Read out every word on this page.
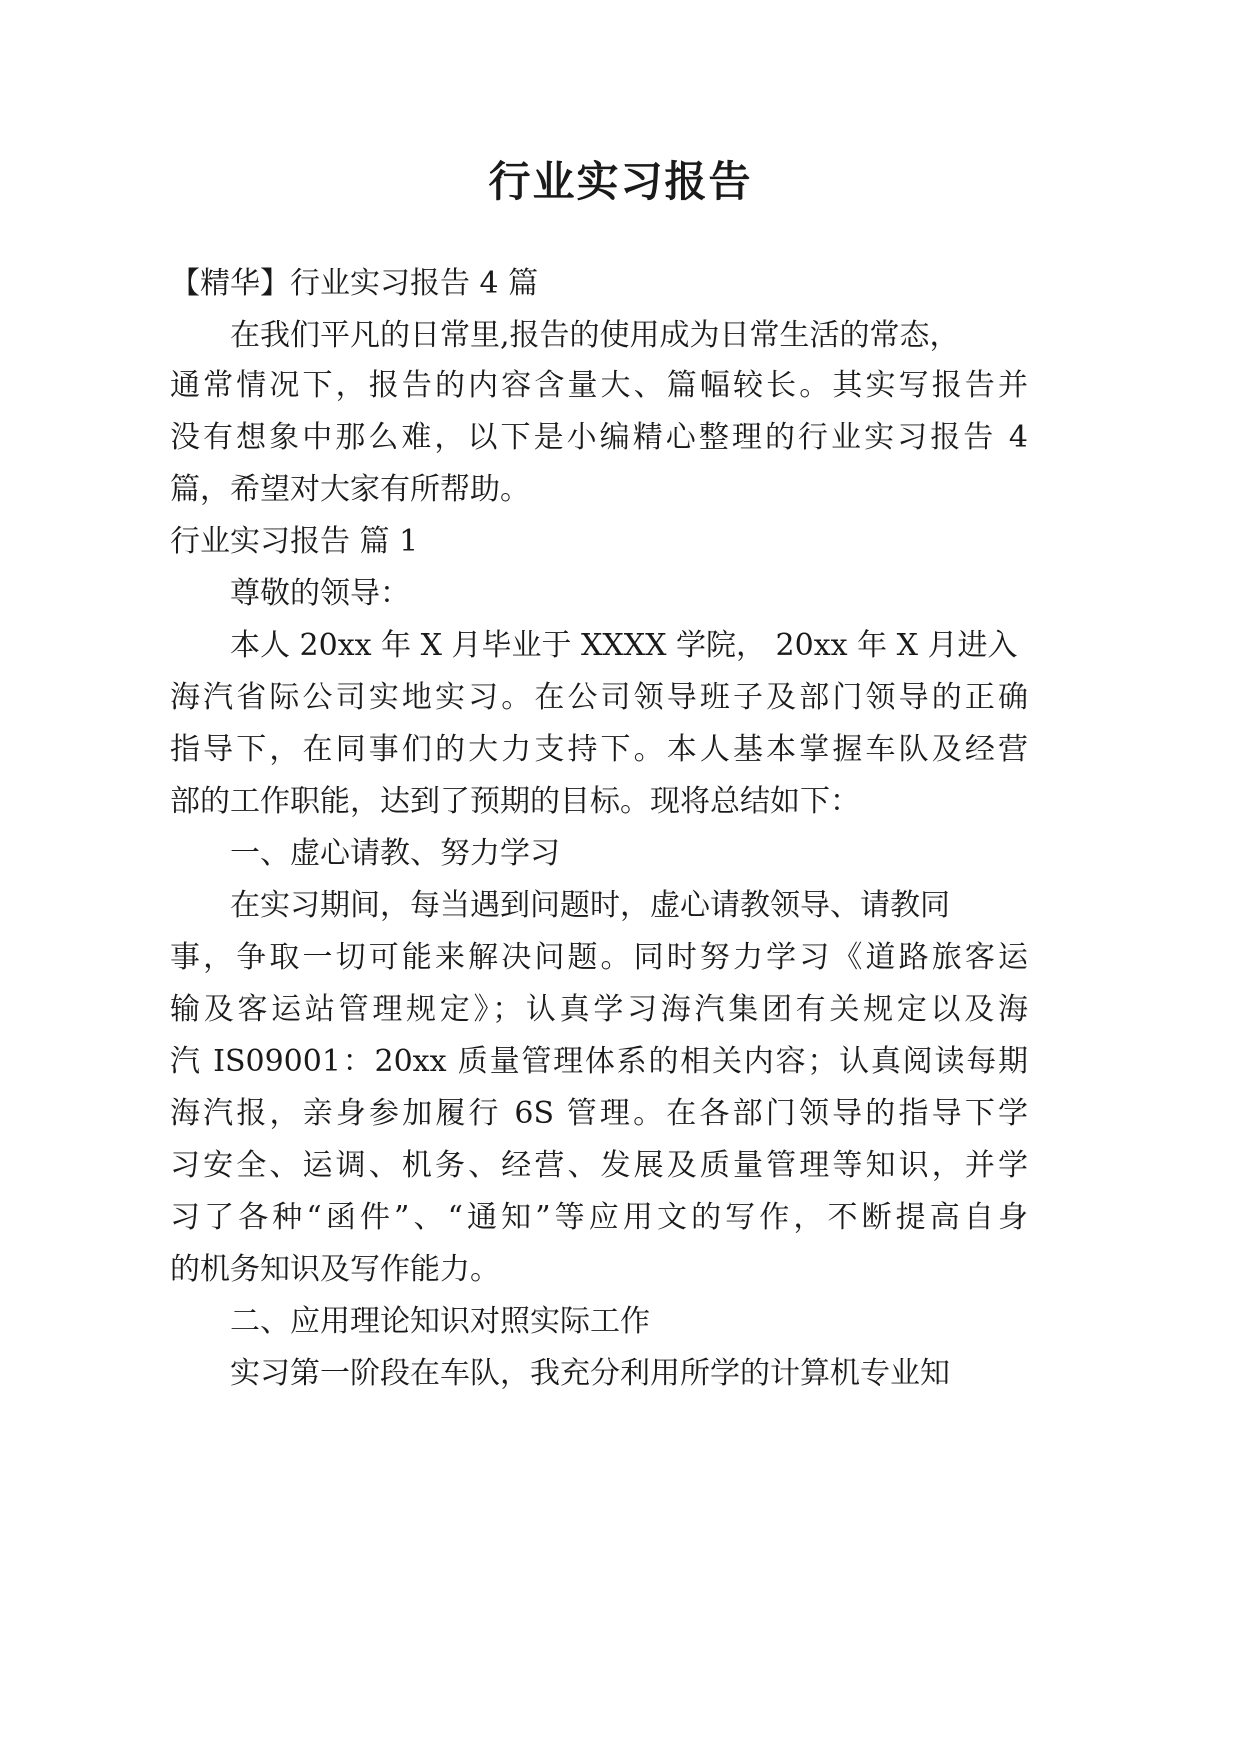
行业实习报告
【精华】行业实习报告 4 篇
在我们平凡的日常里,报告的使用成为日常生活的常态，
通常情况下，报告的内容含量大、篇幅较长。其实写报告并
没有想象中那么难，以下是小编精心整理的行业实习报告 4
篇，希望对大家有所帮助。
行业实习报告 篇 1
尊敬的领导：
本人 20xx 年 X 月毕业于 XXXX 学院， 20xx 年 X 月进入
海汽省际公司实地实习。在公司领导班子及部门领导的正确
指导下，在同事们的大力支持下。本人基本掌握车队及经营
部的工作职能，达到了预期的目标。现将总结如下：
一、虚心请教、努力学习
在实习期间，每当遇到问题时，虚心请教领导、请教同
事，争取一切可能来解决问题。同时努力学习《道路旅客运
输及客运站管理规定》；认真学习海汽集团有关规定以及海
汽 IS09001：20xx 质量管理体系的相关内容；认真阅读每期
海汽报，亲身参加履行 6S 管理。在各部门领导的指导下学
习安全、运调、机务、经营、发展及质量管理等知识，并学
习了各种“函件”、“通知”等应用文的写作，不断提高自身
的机务知识及写作能力。
二、应用理论知识对照实际工作
实习第一阶段在车队，我充分利用所学的计算机专业知
